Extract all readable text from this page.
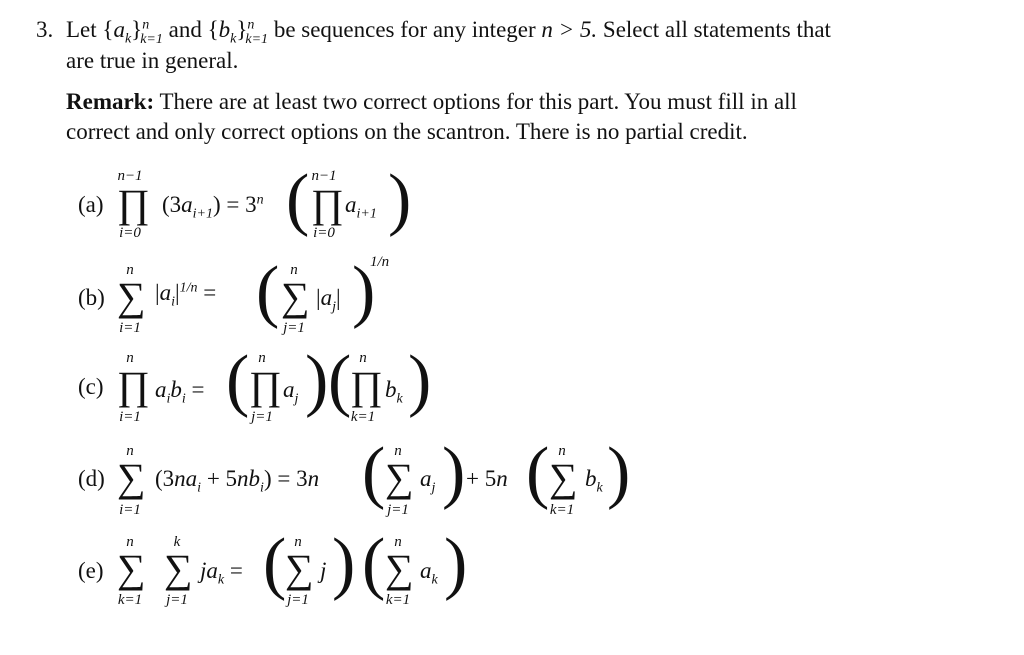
3. Let $\{a_k\}^n_{k=1}$ and $\{b_k\}^n_{k=1}$ be sequences for any integer n > 5. Select all statements that
are true in general.
Remark: There are at least two correct options for this part. You must fill in all
correct and only correct options on the scantron. There is no partial credit.
(a)
n−1
∏
i=0
$(3a_{i+1}) = 3^n$ ( n−1
∏
i=0
$a_{i+1}$ )
(b)
n
∑
i=1
$|a_i|^{1/n}$ = ( n
∑
j=1
$|a_j|$ )
1/n
(c)
n
∏
i=1
$a_ib_i$ = ( n
∏
j=1
$a_j$ ) ( n
∏
k=1
$b_k$ )
(d)
n
∑
i=1
$(3na_i + 5nb_i) = 3n$ ( n
∑
j=1
$a_j$ ) + 5n ( n
∑
k=1
$b_k$ )
(e)
n
∑
k=1
k
∑
j=1
$ja_k$ = ( n
∑
j=1
j ) ( n
∑
k=1
$a_k$ )
